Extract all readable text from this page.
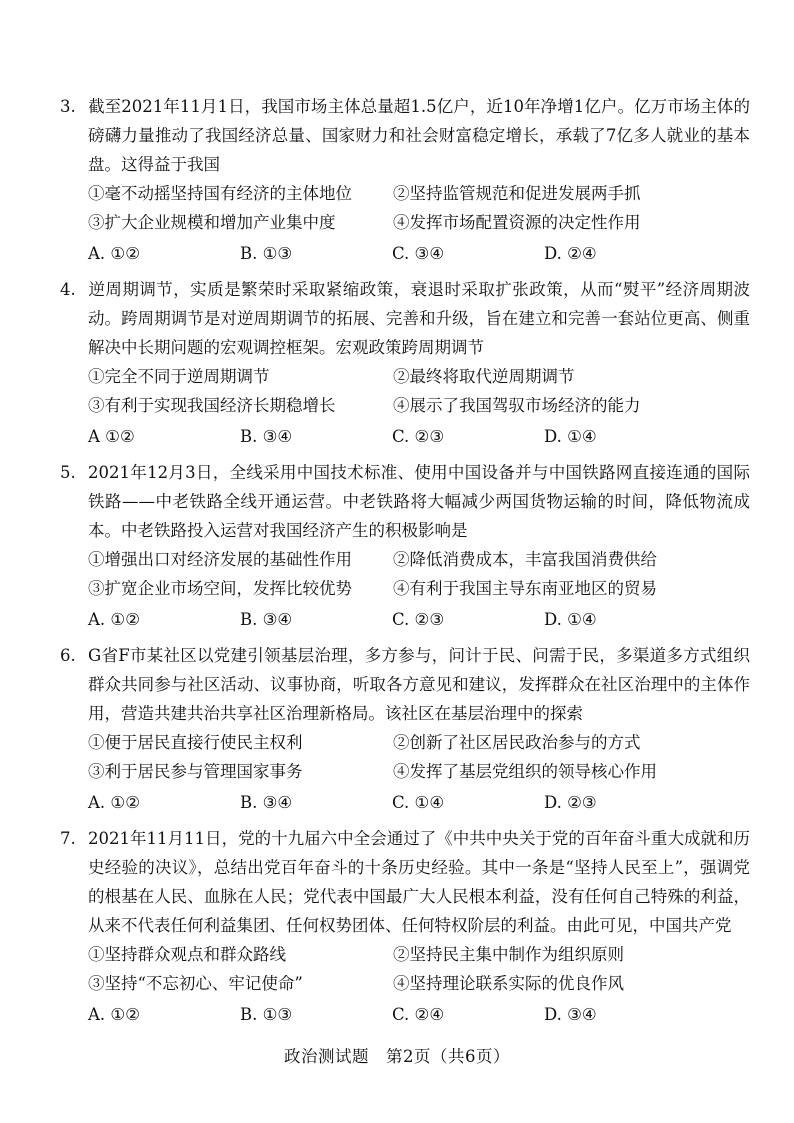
3. 截至2021年11月1日，我国市场主体总量超1.5亿户，近10年净增1亿户。亿万市场主体的磅礴力量推动了我国经济总量、国家财力和社会财富稳定增长，承载了7亿多人就业的基本盘。这得益于我国
①毫不动摇坚持国有经济的主体地位	②坚持监管规范和促进发展两手抓
③扩大企业规模和增加产业集中度	④发挥市场配置资源的决定性作用
A. ①②	B. ①③	C. ③④	D. ②④
4. 逆周期调节，实质是繁荣时采取紧缩政策，衰退时采取扩张政策，从而“熨平”经济周期波动。跨周期调节是对逆周期调节的拓展、完善和升级，旨在建立和完善一套站位更高、侧重解决中长期问题的宏观调控框架。宏观政策跨周期调节
①完全不同于逆周期调节	②最终将取代逆周期调节
③有利于实现我国经济长期稳增长	④展示了我国驾驭市场经济的能力
A ①②	B. ③④	C. ②③	D. ①④
5. 2021年12月3日，全线采用中国技术标准、使用中国设备并与中国铁路网直接连通的国际铁路——中老铁路全线开通运营。中老铁路将大幅减少两国货物运输的时间，降低物流成本。中老铁路投入运营对我国经济产生的积极影响是
①增强出口对经济发展的基础性作用	②降低消费成本，丰富我国消费供给
③扩宽企业市场空间，发挥比较优势	④有利于我国主导东南亚地区的贸易
A. ①②	B. ③④	C. ②③	D. ①④
6. G省F市某社区以党建引领基层治理，多方参与，问计于民、问需于民，多渠道多方式组织群众共同参与社区活动、议事协商，听取各方意见和建议，发挥群众在社区治理中的主体作用，营造共建共治共享社区治理新格局。该社区在基层治理中的探索
①便于居民直接行使民主权利	②创新了社区居民政治参与的方式
③利于居民参与管理国家事务	④发挥了基层党组织的领导核心作用
A. ①②	B. ③④	C. ①④	D. ②③
7. 2021年11月11日，党的十九届六中全会通过了《中共中央关于党的百年奋斗重大成就和历史经验的决议》，总结出党百年奋斗的十条历史经验。其中一条是“坚持人民至上”，强调党的根基在人民、血脉在人民；党代表中国最广大人民根本利益，没有任何自己特殊的利益，从来不代表任何利益集团、任何权势团体、任何特权阶层的利益。由此可见，中国共产党
①坚持群众观点和群众路线	②坚持民主集中制作为组织原则
③坚持“不忘初心、牢记使命”	④坚持理论联系实际的优良作风
A. ①②	B. ①③	C. ②④	D. ③④
政治测试题　第2页（共6页）
